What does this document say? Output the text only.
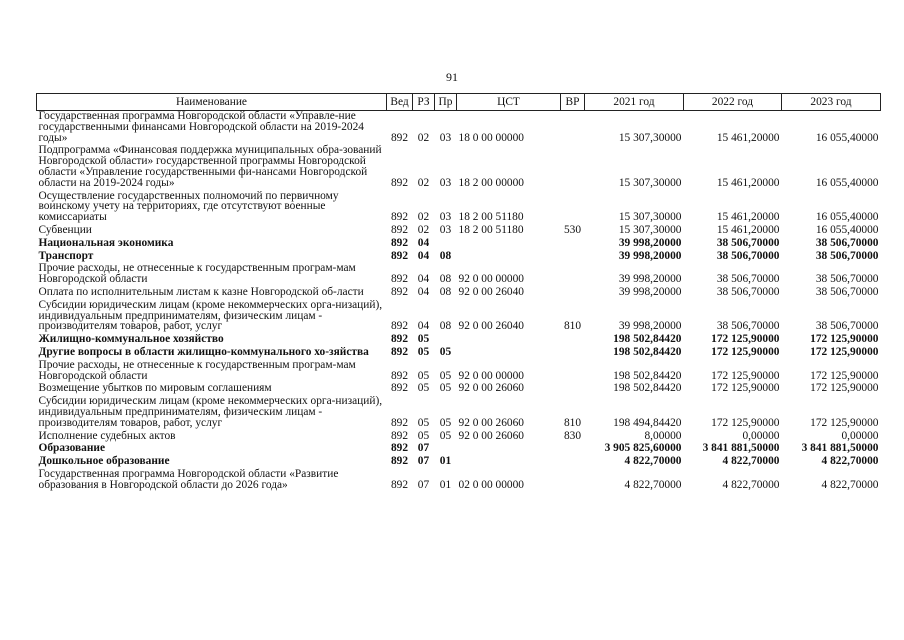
91
Наименование	Вед	РЗ	Пр	ЦСТ	ВР	2021 год	2022 год	2023 год
Государственная программа Новгородской области «Управле-ние государственными финансами Новгородской области на 2019-2024 годы»	892	02	03	18 0 00 00000		15 307,30000	15 461,20000	16 055,40000
Подпрограмма «Финансовая поддержка муниципальных обра-зований Новгородской области» государственной программы Новгородской области «Управление государственными фи-нансами Новгородской области на 2019-2024 годы»	892	02	03	18 2 00 00000		15 307,30000	15 461,20000	16 055,40000
Осуществление государственных полномочий по первичному воинскому учету на территориях, где отсутствуют военные комиссариаты	892	02	03	18 2 00 51180		15 307,30000	15 461,20000	16 055,40000
Субвенции	892	02	03	18 2 00 51180	530	15 307,30000	15 461,20000	16 055,40000
Национальная экономика	892	04				39 998,20000	38 506,70000	38 506,70000
Транспорт	892	04	08			39 998,20000	38 506,70000	38 506,70000
Прочие расходы, не отнесенные к государственным програм-мам Новгородской области	892	04	08	92 0 00 00000		39 998,20000	38 506,70000	38 506,70000
Оплата по исполнительным листам к казне Новгородской об-ласти	892	04	08	92 0 00 26040		39 998,20000	38 506,70000	38 506,70000
Субсидии юридическим лицам (кроме некоммерческих орга-низаций), индивидуальным предпринимателям, физическим лицам - производителям товаров, работ, услуг	892	04	08	92 0 00 26040	810	39 998,20000	38 506,70000	38 506,70000
Жилищно-коммунальное хозяйство	892	05				198 502,84420	172 125,90000	172 125,90000
Другие вопросы в области жилищно-коммунального хо-зяйства	892	05	05			198 502,84420	172 125,90000	172 125,90000
Прочие расходы, не отнесенные к государственным програм-мам Новгородской области	892	05	05	92 0 00 00000		198 502,84420	172 125,90000	172 125,90000
Возмещение убытков по мировым соглашениям	892	05	05	92 0 00 26060		198 502,84420	172 125,90000	172 125,90000
Субсидии юридическим лицам (кроме некоммерческих орга-низаций), индивидуальным предпринимателям, физическим лицам - производителям товаров, работ, услуг	892	05	05	92 0 00 26060	810	198 494,84420	172 125,90000	172 125,90000
Исполнение судебных актов	892	05	05	92 0 00 26060	830	8,00000	0,00000	0,00000
Образование	892	07				3 905 825,60000	3 841 881,50000	3 841 881,50000
Дошкольное образование	892	07	01			4 822,70000	4 822,70000	4 822,70000
Государственная программа Новгородской области «Развитие образования в Новгородской области до 2026 года»	892	07	01	02 0 00 00000		4 822,70000	4 822,70000	4 822,70000
